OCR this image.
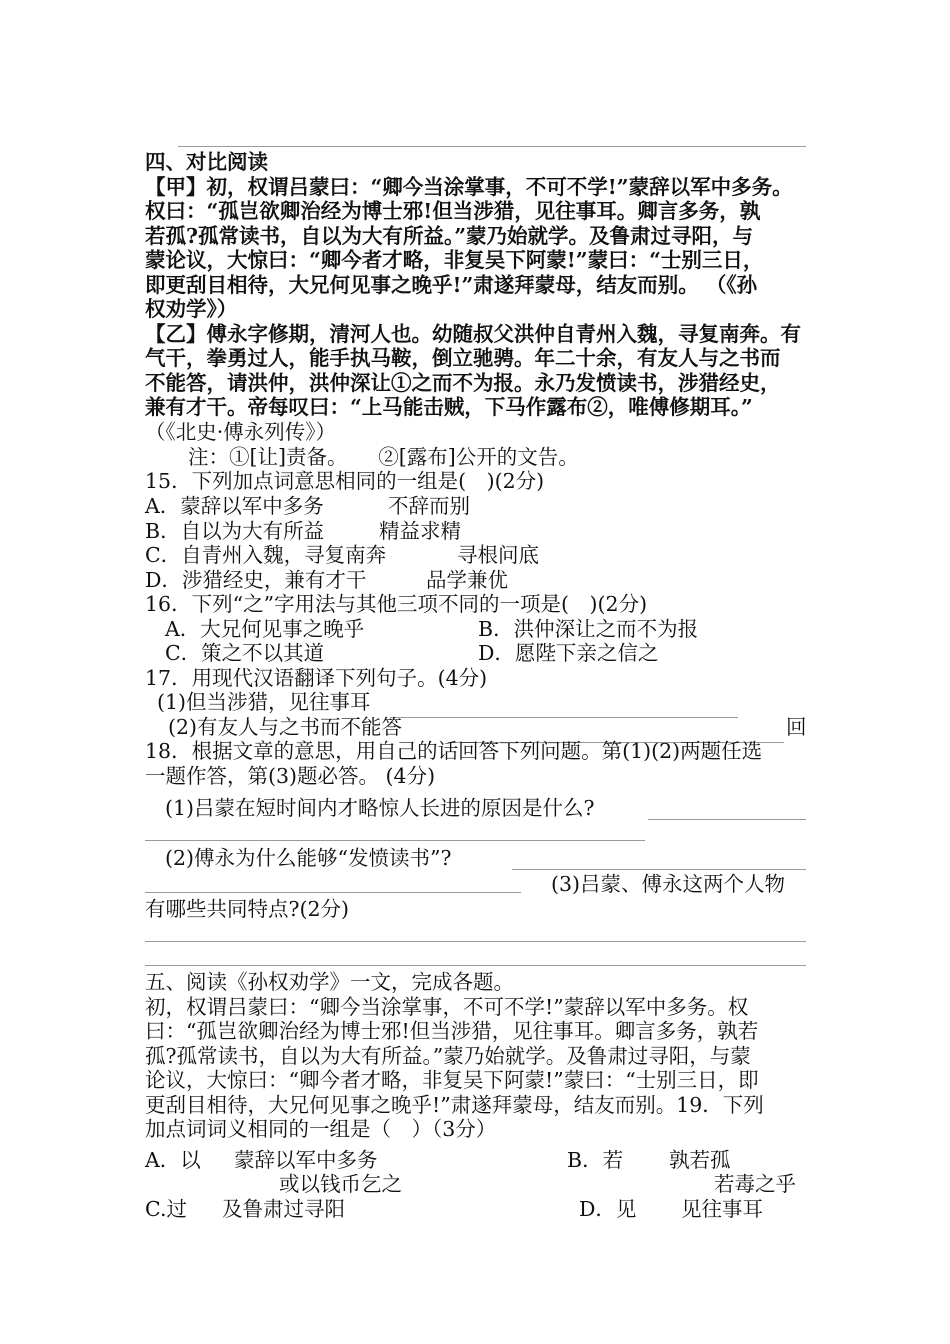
四、对比阅读
【甲】初，权谓吕蒙曰：“卿今当涂掌事，不可不学!”蒙辞以军中多务。
权曰：“孤岂欲卿治经为博士邪!但当涉猎，见往事耳。卿言多务，孰
若孤?孤常读书，自以为大有所益。”蒙乃始就学。及鲁肃过寻阳，与
蒙论议，大惊曰：“卿今者才略，非复吴下阿蒙!”蒙曰：“士别三日，
即更刮目相待，大兄何见事之晚乎!”肃遂拜蒙母，结友而别。 （《孙
权劝学》）
【乙】傅永字修期，清河人也。幼随叔父洪仲自青州入魏，寻复南奔。有
气干，拳勇过人，能手执马鞍，倒立驰骋。年二十余，有友人与之书而
不能答，请洪仲，洪仲深让①之而不为报。永乃发愤读书，涉猎经史，
兼有才干。帝每叹曰：“上马能击贼，下马作露布②，唯傅修期耳。”
（《北史·傅永列传》）
注：①[让]责备。　　②[露布]公开的文告。
15．下列加点词意思相同的一组是(　)(2分)
A．蒙辞以军中多务	不辞而别
B．自以为大有所益	精益求精
C．自青州入魏，寻复南奔	寻根问底
D．涉猎经史，兼有才干	品学兼优
16．下列“之”字用法与其他三项不同的一项是(　)(2分)
A．大兄何见事之晚乎	B．洪仲深让之而不为报
C．策之不以其道	D．愿陛下亲之信之
17．用现代汉语翻译下列句子。(4分)
(1)但当涉猎，见往事耳
(2)有友人与之书而不能答	回
18．根据文章的意思，用自己的话回答下列问题。第(1)(2)两题任选
一题作答，第(3)题必答。 (4分)
(1)吕蒙在短时间内才略惊人长进的原因是什么?
(2)傅永为什么能够“发愤读书”?
(3)吕蒙、傅永这两个人物
有哪些共同特点?(2分)
五、阅读《孙权劝学》一文，完成各题。
初，权谓吕蒙曰：“卿今当涂掌事，不可不学!”蒙辞以军中多务。权
曰：“孤岂欲卿治经为博士邪!但当涉猎，见往事耳。卿言多务，孰若
孤?孤常读书，自以为大有所益。”蒙乃始就学。及鲁肃过寻阳，与蒙
论议，大惊曰：“卿今者才略，非复吴下阿蒙!”蒙曰：“士别三日，即
更刮目相待，大兄何见事之晚乎!”肃遂拜蒙母，结友而别。19．下列
加点词词义相同的一组是（　）（3分）
A．以 蒙辞以军中多务	B．若 孰若孤
或以钱币乞之	若毒之乎
C.过 及鲁肃过寻阳	D．见 见往事耳
